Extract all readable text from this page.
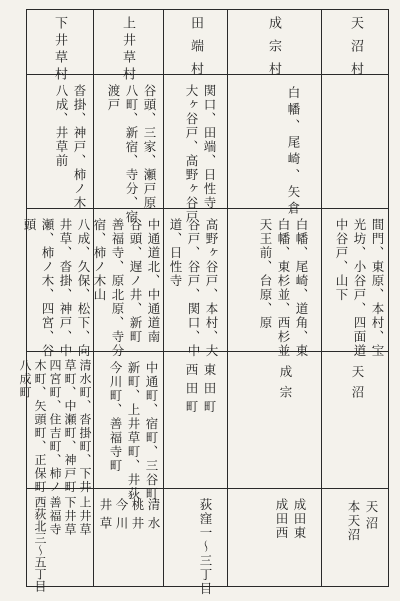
天沼村
間門、東原、本村、宝
光坊、小谷戸、四面道
中谷戸、山下
天沼
天沼
本天沼
成宗村
白幡、尾崎、矢倉
白幡、尾崎、道角、東
白幡、東杉並、西杉並
天王前、台原、原
成宗
成田東
成田西
田端村
関口、田端、日性寺
大ヶ谷戸、高野ヶ谷戸
高野ヶ谷戸、本村、大
谷戸、谷戸、関口、中
道、日性寺
東田町
西田町
荻窪一〜三丁目
上井草村
谷頭、三家、瀬戸原
八町、新宿、寺分、宿
渡戸
中通道北、中通道南
谷頭、遅ノ井、新町
善福寺、原北原、寺分
宿、柿ノ木山
中通町、宿町、三谷町
新町、上井草町、井荻
今川町、善福寺町
清水
桃井
今川
井草
下井草村
沓掛、神戸、柿ノ木
八成、井草前
八成、久保、松下、向
井草、沓掛、神戸、中
瀬、柿ノ木、四宮、谷
頭
清水町、沓掛町、下井
草町、中瀬町、神戸町
四宮町、住吉町、柿ノ
木町、矢頭町、正保町
八成町
上井草
下井草
善福寺
西荻北三〜五丁目
